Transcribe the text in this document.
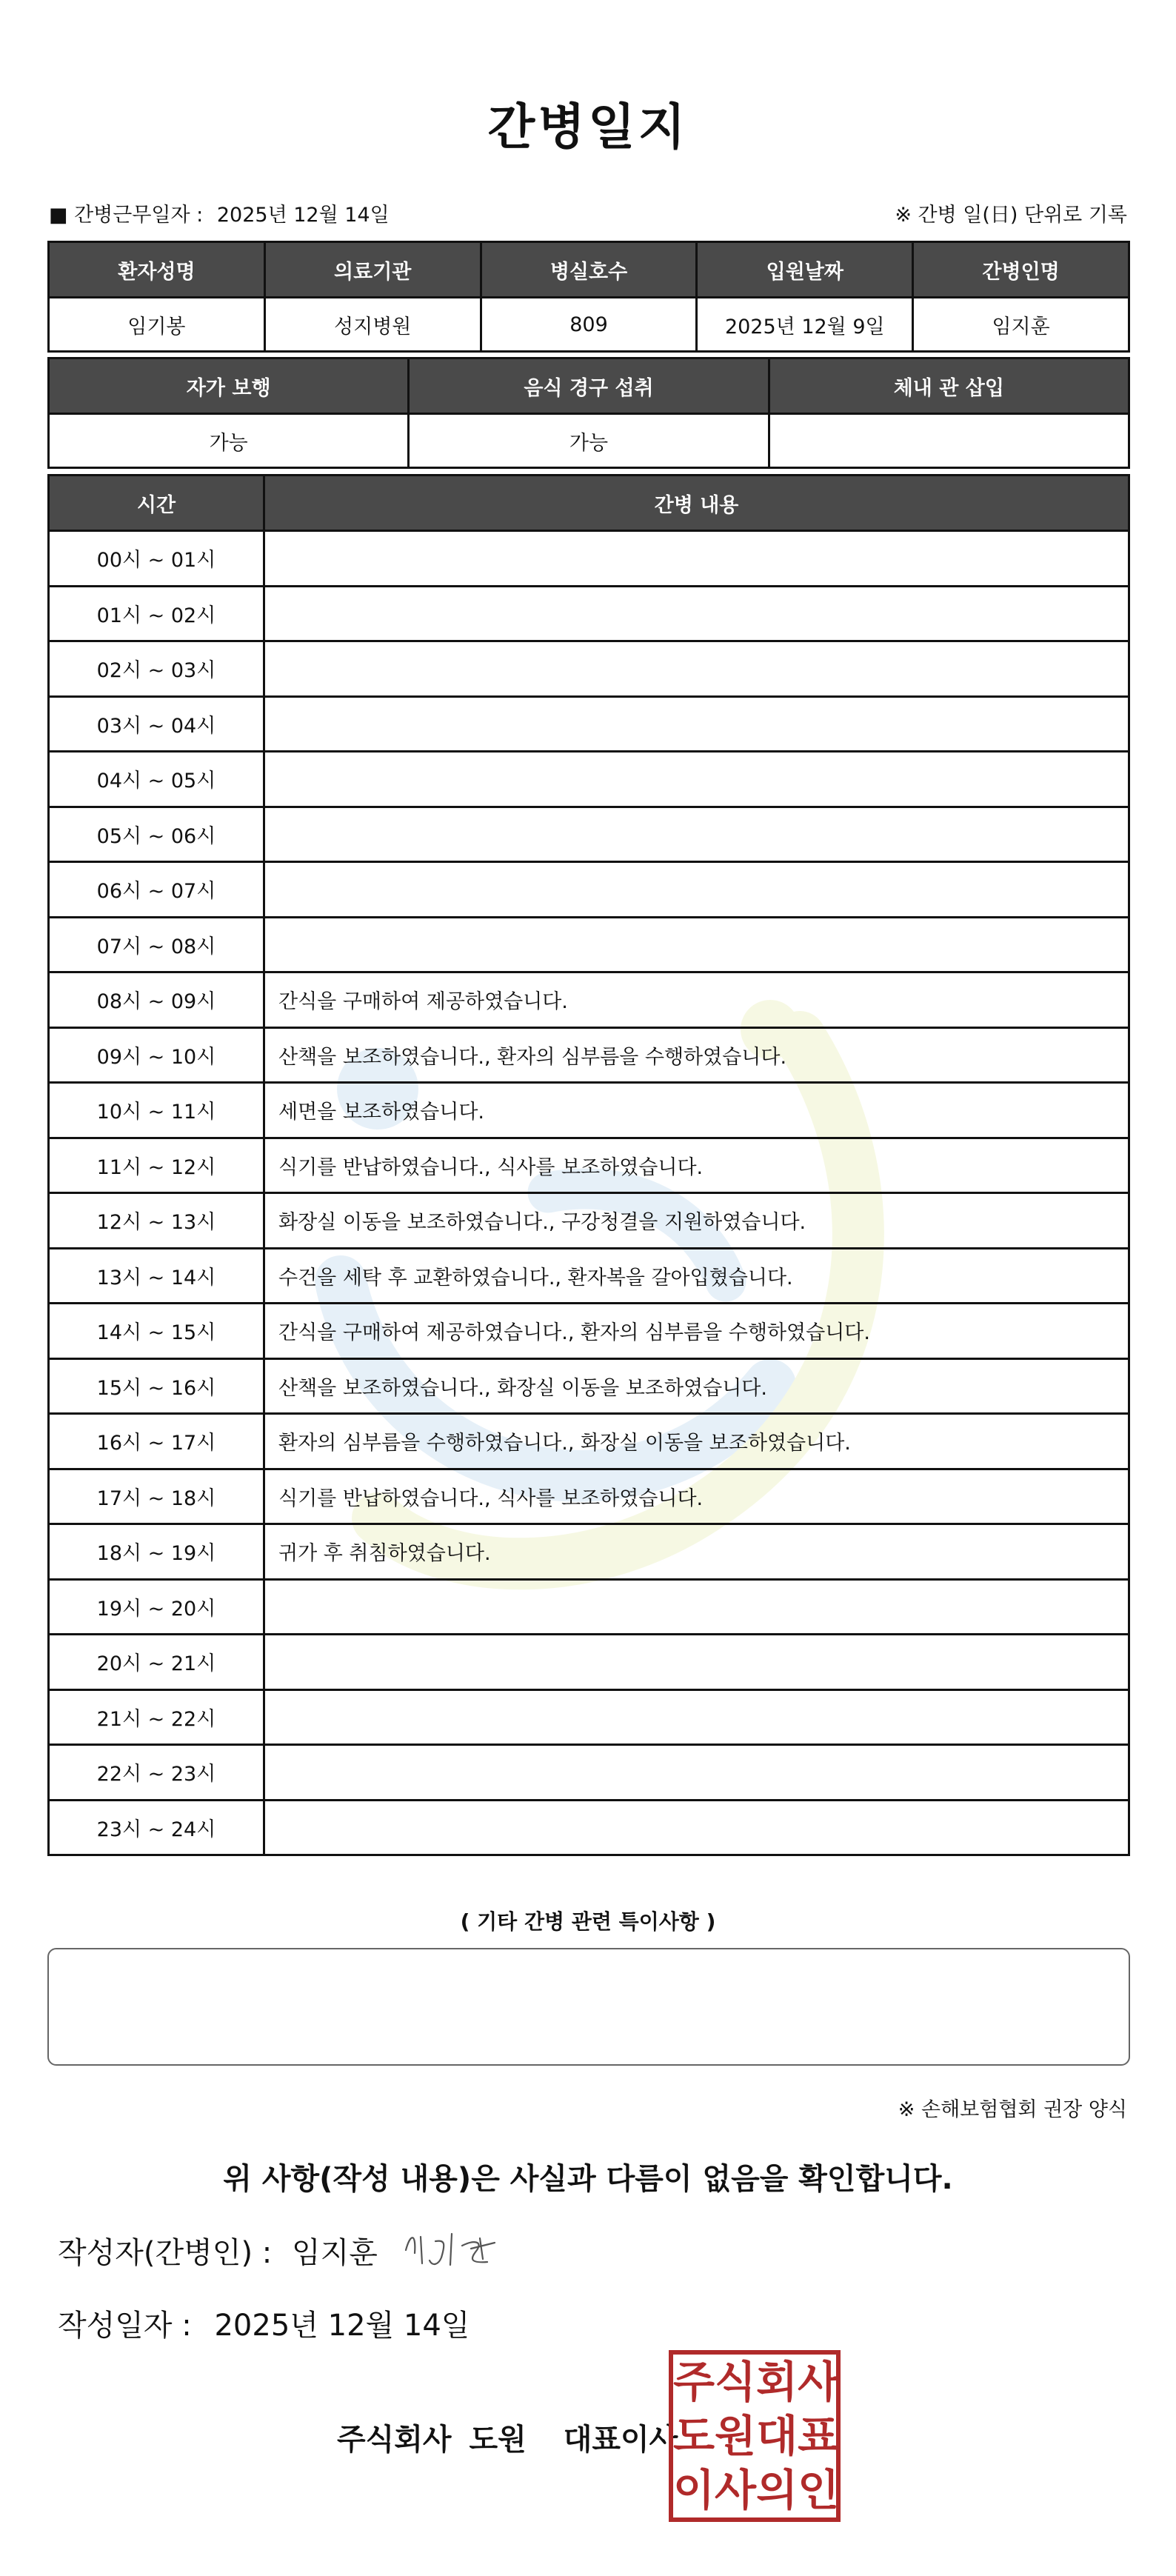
간병일지
■ 간병근무일자 : 2025년 12월 14일	※ 간병 일(日) 단위로 기록
환자성명	의료기관	병실호수	입원날짜	간병인명
임기봉	성지병원	809	2025년 12월 9일	임지훈
자가 보행	음식 경구 섭취	체내 관 삽입
가능	가능	
시간	간병 내용
00시 ~ 01시	
01시 ~ 02시	
02시 ~ 03시	
03시 ~ 04시	
04시 ~ 05시	
05시 ~ 06시	
06시 ~ 07시	
07시 ~ 08시	
08시 ~ 09시	간식을 구매하여 제공하였습니다.
09시 ~ 10시	산책을 보조하였습니다., 환자의 심부름을 수행하였습니다.
10시 ~ 11시	세면을 보조하였습니다.
11시 ~ 12시	식기를 반납하였습니다., 식사를 보조하였습니다.
12시 ~ 13시	화장실 이동을 보조하였습니다., 구강청결을 지원하였습니다.
13시 ~ 14시	수건을 세탁 후 교환하였습니다., 환자복을 갈아입혔습니다.
14시 ~ 15시	간식을 구매하여 제공하였습니다., 환자의 심부름을 수행하였습니다.
15시 ~ 16시	산책을 보조하였습니다., 화장실 이동을 보조하였습니다.
16시 ~ 17시	환자의 심부름을 수행하였습니다., 화장실 이동을 보조하였습니다.
17시 ~ 18시	식기를 반납하였습니다., 식사를 보조하였습니다.
18시 ~ 19시	귀가 후 취침하였습니다.
19시 ~ 20시	
20시 ~ 21시	
21시 ~ 22시	
22시 ~ 23시	
23시 ~ 24시	
( 기타 간병 관련 특이사항 )
※ 손해보험협회 권장 양식
위 사항(작성 내용)은 사실과 다름이 없음을 확인합니다.
작성자(간병인) : 임지훈
작성일자 : 2025년 12월 14일
주식회사 도원 대표이사
주 식 회 사
도 원 대 표
이 사 의 인
